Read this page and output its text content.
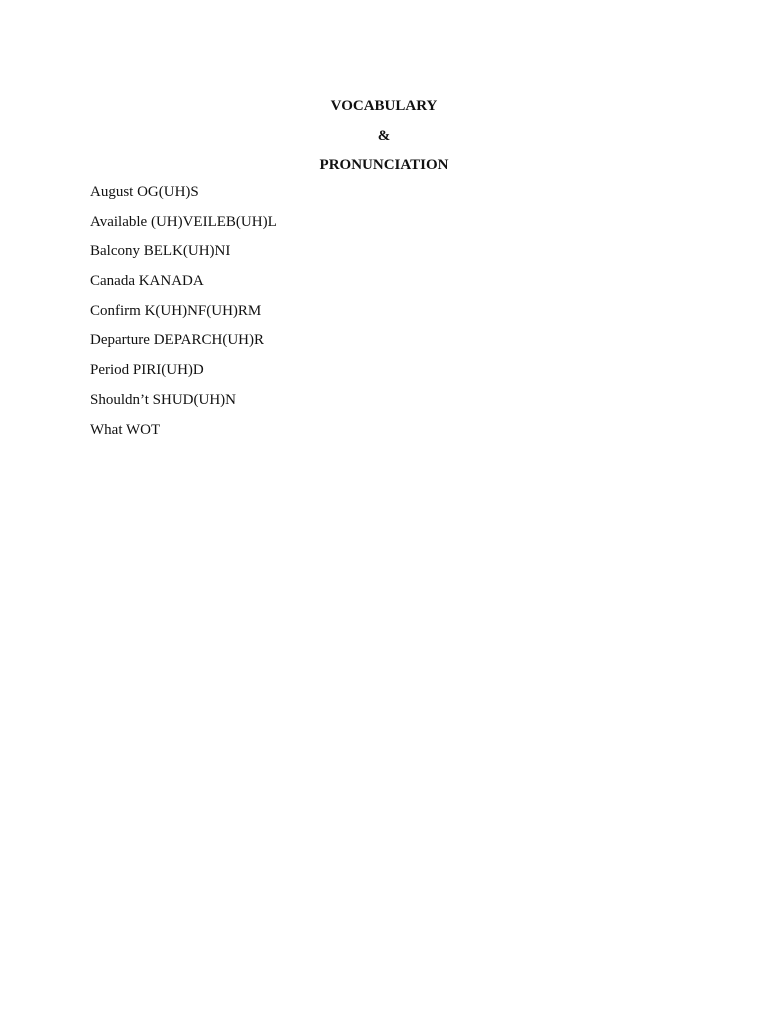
VOCABULARY
&
PRONUNCIATION
August OG(UH)S
Available (UH)VEILEB(UH)L
Balcony BELK(UH)NI
Canada KANADA
Confirm K(UH)NF(UH)RM
Departure DEPARCH(UH)R
Period PIRI(UH)D
Shouldn’t SHUD(UH)N
What WOT
